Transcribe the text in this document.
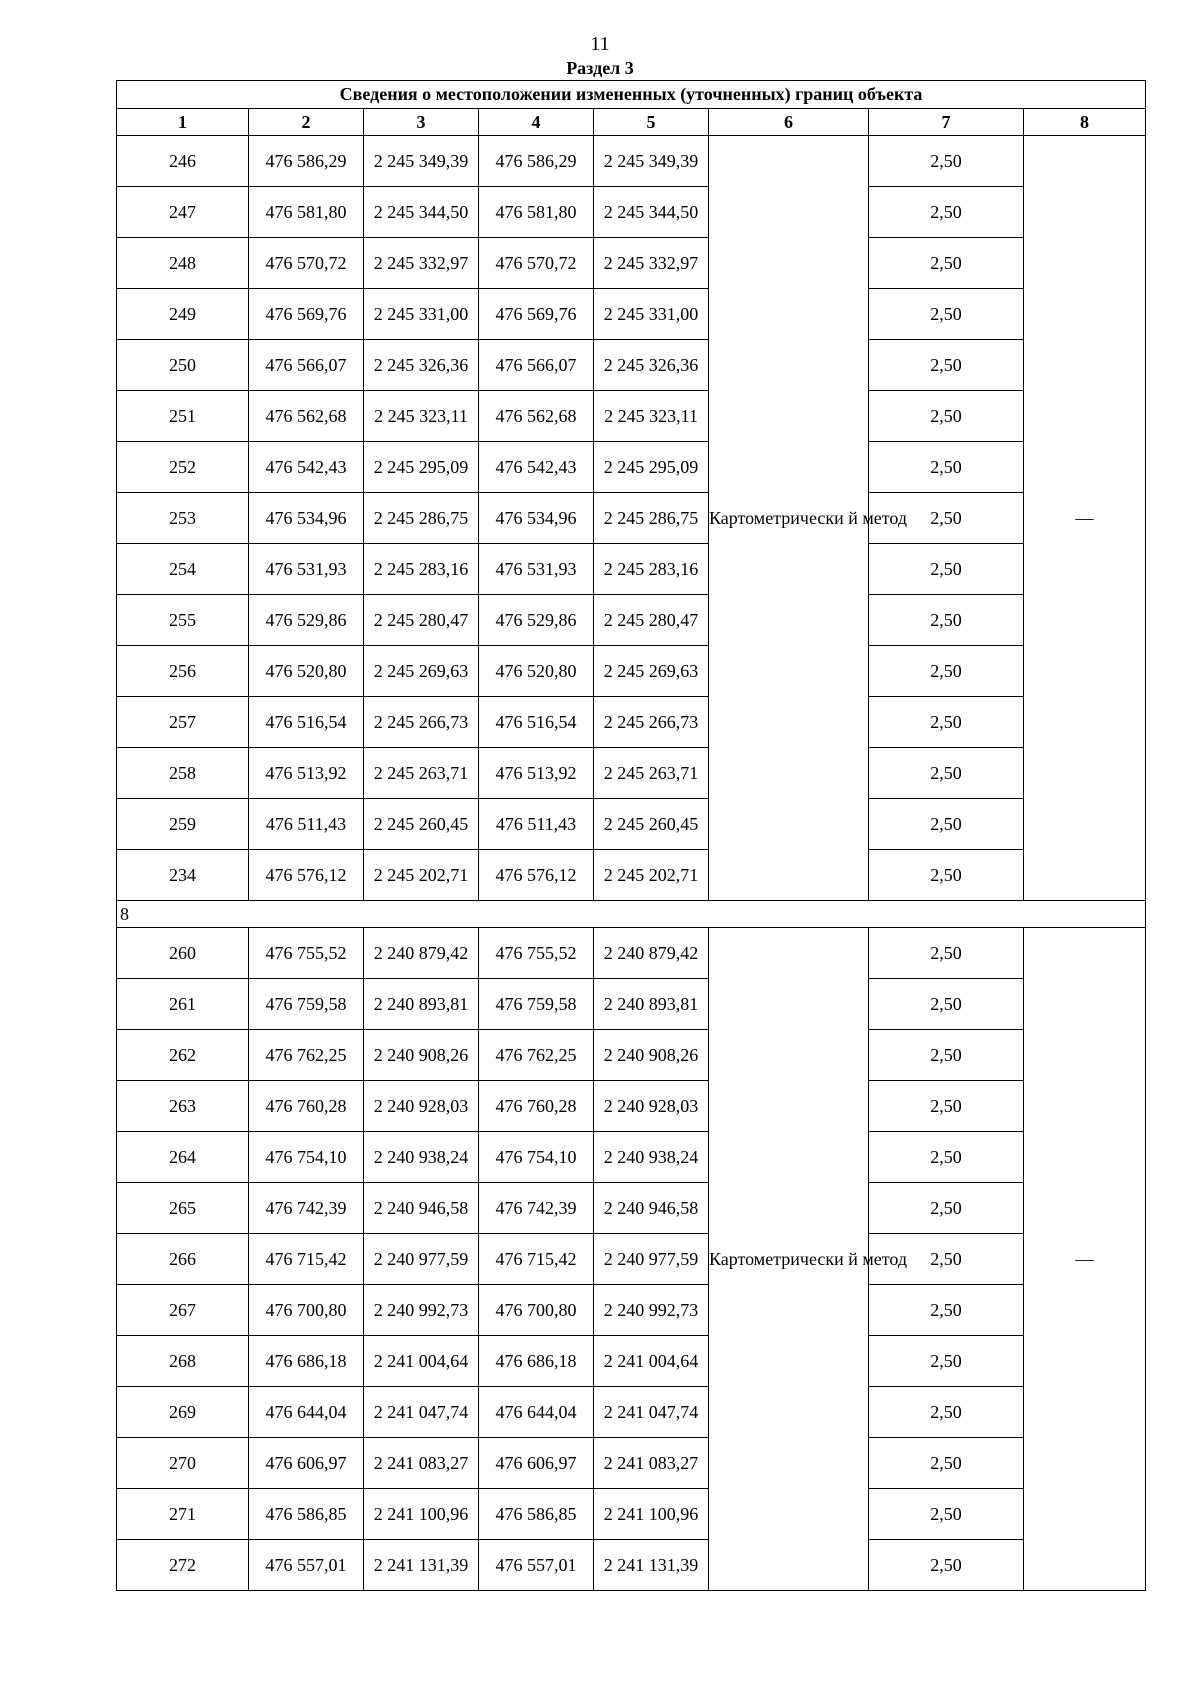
11
Раздел 3
Сведения о местоположении измененных (уточненных) границ объекта							
1	2	3	4	5	6	7	8
246	476 586,29	2 245 349,39	476 586,29	2 245 349,39	Картометрически й метод	2,50	—
247	476 581,80	2 245 344,50	476 581,80	2 245 344,50		2,50	
248	476 570,72	2 245 332,97	476 570,72	2 245 332,97		2,50	
249	476 569,76	2 245 331,00	476 569,76	2 245 331,00		2,50	
250	476 566,07	2 245 326,36	476 566,07	2 245 326,36		2,50	
251	476 562,68	2 245 323,11	476 562,68	2 245 323,11		2,50	
252	476 542,43	2 245 295,09	476 542,43	2 245 295,09		2,50	
253	476 534,96	2 245 286,75	476 534,96	2 245 286,75		2,50	
254	476 531,93	2 245 283,16	476 531,93	2 245 283,16		2,50	
255	476 529,86	2 245 280,47	476 529,86	2 245 280,47		2,50	
256	476 520,80	2 245 269,63	476 520,80	2 245 269,63		2,50	
257	476 516,54	2 245 266,73	476 516,54	2 245 266,73		2,50	
258	476 513,92	2 245 263,71	476 513,92	2 245 263,71		2,50	
259	476 511,43	2 245 260,45	476 511,43	2 245 260,45		2,50	
234	476 576,12	2 245 202,71	476 576,12	2 245 202,71		2,50	
8							
260	476 755,52	2 240 879,42	476 755,52	2 240 879,42	Картометрически й метод	2,50	—
261	476 759,58	2 240 893,81	476 759,58	2 240 893,81		2,50	
262	476 762,25	2 240 908,26	476 762,25	2 240 908,26		2,50	
263	476 760,28	2 240 928,03	476 760,28	2 240 928,03		2,50	
264	476 754,10	2 240 938,24	476 754,10	2 240 938,24		2,50	
265	476 742,39	2 240 946,58	476 742,39	2 240 946,58		2,50	
266	476 715,42	2 240 977,59	476 715,42	2 240 977,59		2,50	
267	476 700,80	2 240 992,73	476 700,80	2 240 992,73		2,50	
268	476 686,18	2 241 004,64	476 686,18	2 241 004,64		2,50	
269	476 644,04	2 241 047,74	476 644,04	2 241 047,74		2,50	
270	476 606,97	2 241 083,27	476 606,97	2 241 083,27		2,50	
271	476 586,85	2 241 100,96	476 586,85	2 241 100,96		2,50	
272	476 557,01	2 241 131,39	476 557,01	2 241 131,39		2,50	
